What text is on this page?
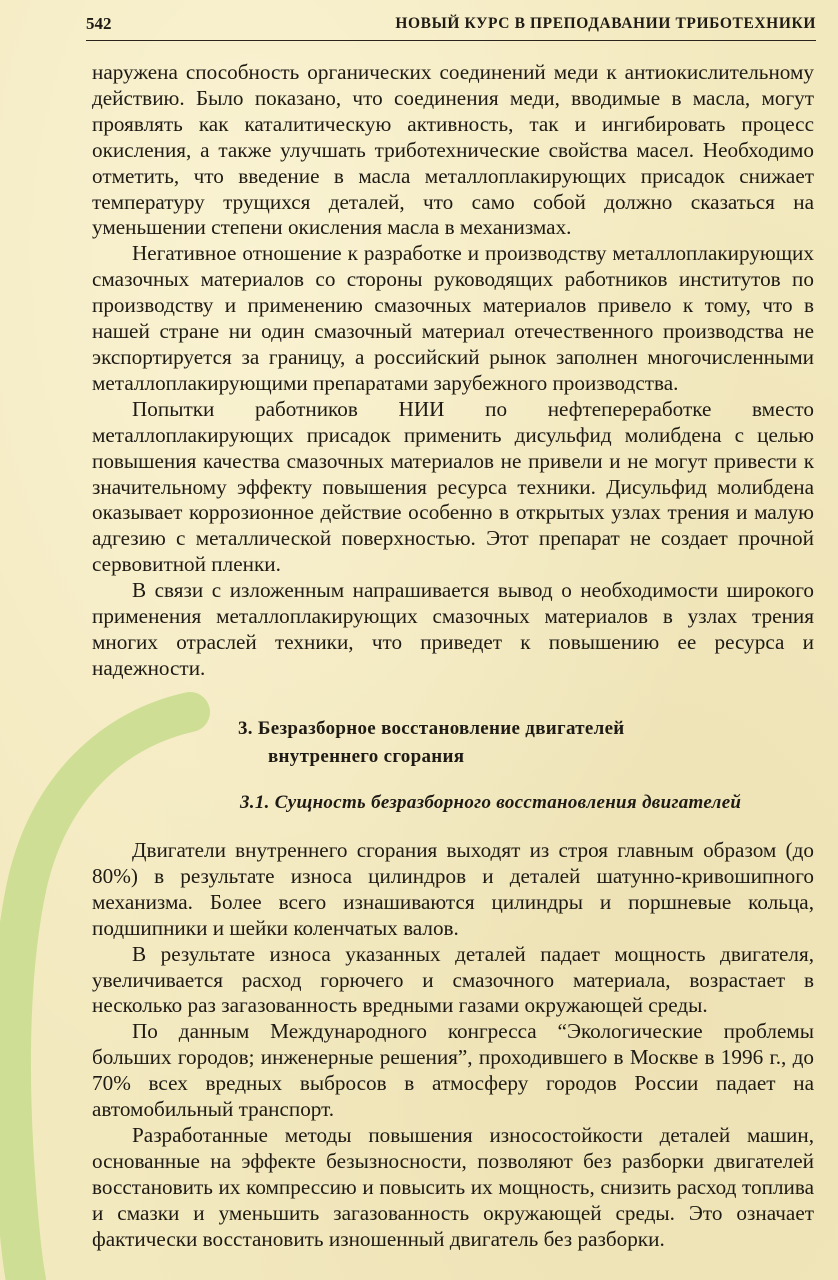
542	НОВЫЙ КУРС В ПРЕПОДАВАНИИ ТРИБОТЕХНИКИ

наружена способность органических соединений меди к антиокислительному действию. Было показано, что соединения меди, вводимые в масла, могут проявлять как каталитическую активность, так и ингибировать процесс окисления, а также улучшать триботехнические свойства масел. Необходимо отметить, что введение в масла металлоплакирующих присадок снижает температуру трущихся деталей, что само собой должно сказаться на уменьшении степени окисления масла в механизмах.

Негативное отношение к разработке и производству металлоплакирующих смазочных материалов со стороны руководящих работников институтов по производству и применению смазочных материалов привело к тому, что в нашей стране ни один смазочный материал отечественного производства не экспортируется за границу, а российский рынок заполнен многочисленными металлоплакирующими препаратами зарубежного производства.

Попытки работников НИИ по нефтепереработке вместо металлоплакирующих присадок применить дисульфид молибдена с целью повышения качества смазочных материалов не привели и не могут привести к значительному эффекту повышения ресурса техники. Дисульфид молибдена оказывает коррозионное действие особенно в открытых узлах трения и малую адгезию с металлической поверхностью. Этот препарат не создает прочной сервовитной пленки.

В связи с изложенным напрашивается вывод о необходимости широкого применения металлоплакирующих смазочных материалов в узлах трения многих отраслей техники, что приведет к повышению ее ресурса и надежности.

3. Безразборное восстановление двигателей
внутреннего сгорания
3.1. Сущность безразборного восстановления двигателей

Двигатели внутреннего сгорания выходят из строя главным образом (до 80%) в результате износа цилиндров и деталей шатунно-кривошипного механизма. Более всего изнашиваются цилиндры и поршневые кольца, подшипники и шейки коленчатых валов.

В результате износа указанных деталей падает мощность двигателя, увеличивается расход горючего и смазочного материала, возрастает в несколько раз загазованность вредными газами окружающей среды.

По данным Международного конгресса “Экологические проблемы больших городов; инженерные решения”, проходившего в Москве в 1996 г., до 70% всех вредных выбросов в атмосферу городов России падает на автомобильный транспорт.

Разработанные методы повышения износостойкости деталей машин, основанные на эффекте безызносности, позволяют без разборки двигателей восстановить их компрессию и повысить их мощность, снизить расход топлива и смазки и уменьшить загазованность окружающей среды. Это означает фактически восстановить изношенный двигатель без разборки.
